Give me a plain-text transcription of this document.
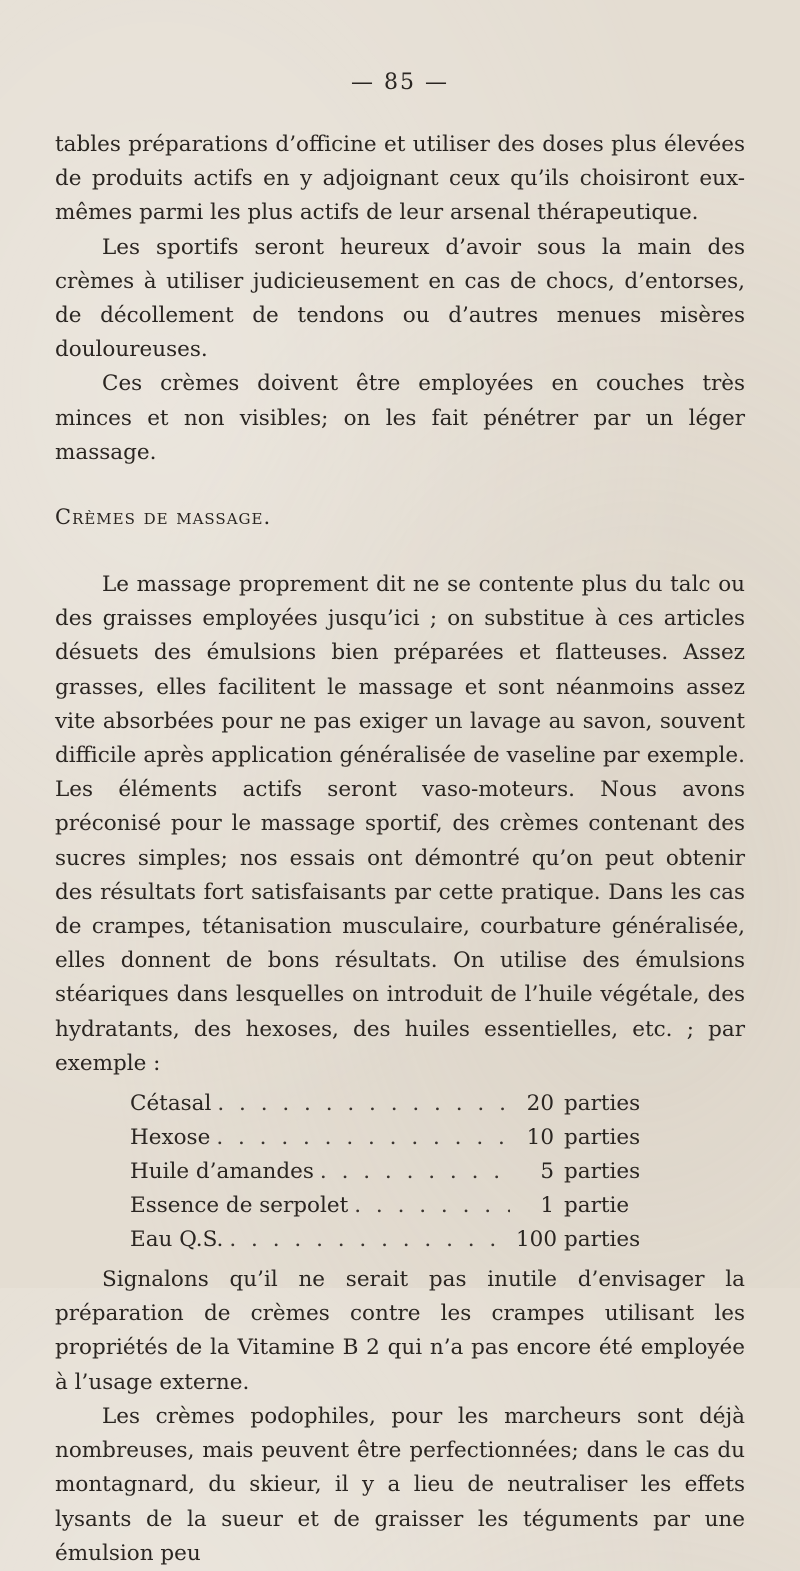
— 85 —

tables préparations d’officine et utiliser des doses plus élevées de produits actifs en y adjoignant ceux qu’ils choisiront eux-mêmes parmi les plus actifs de leur arsenal thérapeutique.

Les sportifs seront heureux d’avoir sous la main des crèmes à utiliser judicieusement en cas de chocs, d’entorses, de décollement de tendons ou d’autres menues misères douloureuses.

Ces crèmes doivent être employées en couches très minces et non visibles; on les fait pénétrer par un léger massage.

Crèmes de massage.

Le massage proprement dit ne se contente plus du talc ou des graisses employées jusqu’ici ; on substitue à ces articles désuets des émulsions bien préparées et flatteuses. Assez grasses, elles facilitent le massage et sont néanmoins assez vite absorbées pour ne pas exiger un lavage au savon, souvent difficile après application généralisée de vaseline par exemple. Les éléments actifs seront vaso-moteurs. Nous avons préconisé pour le massage sportif, des crèmes contenant des sucres simples; nos essais ont démontré qu’on peut obtenir des résultats fort satisfaisants par cette pratique. Dans les cas de crampes, tétanisation musculaire, courbature généralisée, elles donnent de bons résultats. On utilise des émulsions stéariques dans lesquelles on introduit de l’huile végétale, des hydratants, des hexoses, des huiles essentielles, etc. ; par exemple :

Cétasal . . .	20 parties
Hexose . . .	10 parties
Huile d’amandes . . .	5 parties
Essence de serpolet . . .	1 partie
Eau Q.S. . . .	100 parties

Signalons qu’il ne serait pas inutile d’envisager la préparation de crèmes contre les crampes utilisant les propriétés de la Vitamine B 2 qui n’a pas encore été employée à l’usage externe.

Les crèmes podophiles, pour les marcheurs sont déjà nombreuses, mais peuvent être perfectionnées; dans le cas du montagnard, du skieur, il y a lieu de neutraliser les effets lysants de la sueur et de graisser les téguments par une émulsion peu
